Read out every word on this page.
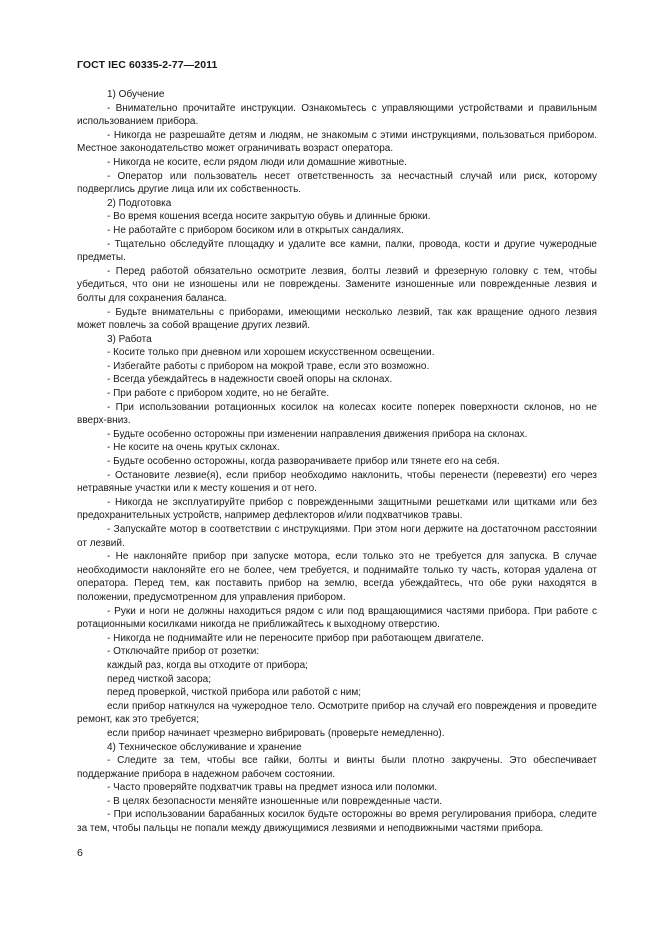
ГОСТ IEC 60335-2-77—2011

1) Обучение

- Внимательно прочитайте инструкции. Ознакомьтесь с управляющими устройствами и правильным использованием прибора.

- Никогда не разрешайте детям и людям, не знакомым с этими инструкциями, пользоваться прибором. Местное законодательство может ограничивать возраст оператора.

- Никогда не косите, если рядом люди или домашние животные.

- Оператор или пользователь несет ответственность за несчастный случай или риск, которому подверглись другие лица или их собственность.

2) Подготовка

- Во время кошения всегда носите закрытую обувь и длинные брюки.

- Не работайте с прибором босиком или в открытых сандалиях.

- Тщательно обследуйте площадку и удалите все камни, палки, провода, кости и другие чужеродные предметы.

- Перед работой обязательно осмотрите лезвия, болты лезвий и фрезерную головку с тем, чтобы убедиться, что они не изношены или не повреждены. Замените изношенные или поврежденные лезвия и болты для сохранения баланса.

- Будьте внимательны с приборами, имеющими несколько лезвий, так как вращение одного лезвия может повлечь за собой вращение других лезвий.

3) Работа

- Косите только при дневном или хорошем искусственном освещении.

- Избегайте работы с прибором на мокрой траве, если это возможно.

- Всегда убеждайтесь в надежности своей опоры на склонах.

- При работе с прибором ходите, но не бегайте.

- При использовании ротационных косилок на колесах косите поперек поверхности склонов, но не вверх-вниз.

- Будьте особенно осторожны при изменении направления движения прибора на склонах.

- Не косите на очень крутых склонах.

- Будьте особенно осторожны, когда разворачиваете прибор или тянете его на себя.

- Остановите лезвие(я), если прибор необходимо наклонить, чтобы перенести (перевезти) его через нетравяные участки или к месту кошения и от него.

- Никогда не эксплуатируйте прибор с поврежденными защитными решетками или щитками или без предохранительных устройств, например дефлекторов и/или подхватчиков травы.

- Запускайте мотор в соответствии с инструкциями. При этом ноги держите на достаточном расстоянии от лезвий.

- Не наклоняйте прибор при запуске мотора, если только это не требуется для запуска. В случае необходимости наклоняйте его не более, чем требуется, и поднимайте только ту часть, которая удалена от оператора. Перед тем, как поставить прибор на землю, всегда убеждайтесь, что обе руки находятся в положении, предусмотренном для управления прибором.

- Руки и ноги не должны находиться рядом с или под вращающимися частями прибора. При работе с ротационными косилками никогда не приближайтесь к выходному отверстию.

- Никогда не поднимайте или не переносите прибор при работающем двигателе.

- Отключайте прибор от розетки:

каждый раз, когда вы отходите от прибора;

перед чисткой засора;

перед проверкой, чисткой прибора или работой с ним;

если прибор наткнулся на чужеродное тело. Осмотрите прибор на случай его повреждения и проведите ремонт, как это требуется;

если прибор начинает чрезмерно вибрировать (проверьте немедленно).

4) Техническое обслуживание и хранение

- Следите за тем, чтобы все гайки, болты и винты были плотно закручены. Это обеспечивает поддержание прибора в надежном рабочем состоянии.

- Часто проверяйте подхватчик травы на предмет износа или поломки.

- В целях безопасности меняйте изношенные или поврежденные части.

- При использовании барабанных косилок будьте осторожны во время регулирования прибора, следите за тем, чтобы пальцы не попали между движущимися лезвиями и неподвижными частями прибора.

6
